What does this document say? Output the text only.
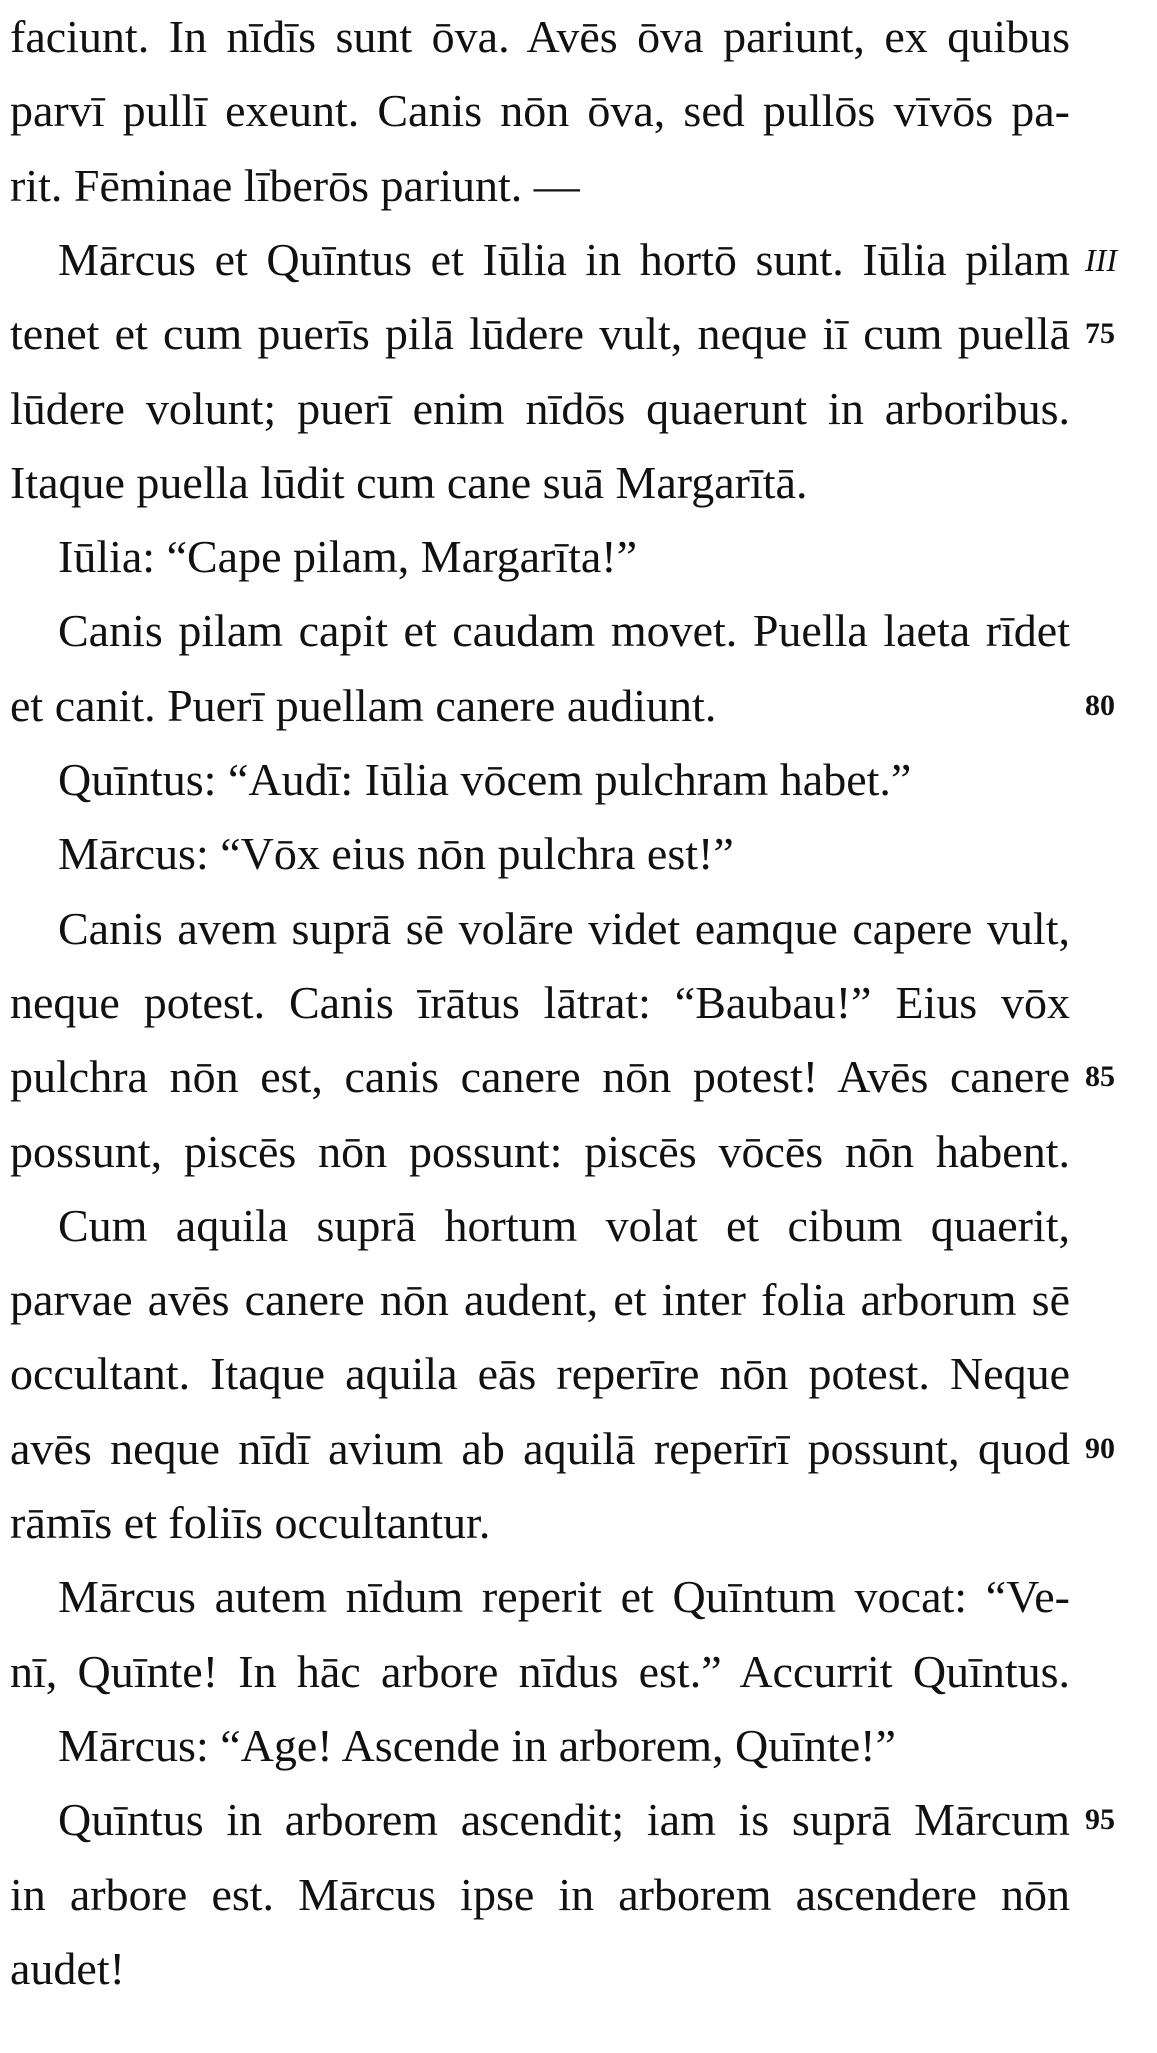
faciunt. In nīdīs sunt ōva. Avēs ōva pariunt, ex quibus
parvī pullī exeunt. Canis nōn ōva, sed pullōs vīvōs pa-
rit. Fēminae līberōs pariunt. —
Mārcus et Quīntus et Iūlia in hortō sunt. Iūlia pilam
tenet et cum puerīs pilā lūdere vult, neque iī cum puellā
lūdere volunt; puerī enim nīdōs quaerunt in arboribus.
Itaque puella lūdit cum cane suā Margarītā.
Iūlia: “Cape pilam, Margarīta!”
Canis pilam capit et caudam movet. Puella laeta rīdet
et canit. Puerī puellam canere audiunt.
Quīntus: “Audī: Iūlia vōcem pulchram habet.”
Mārcus: “Vōx eius nōn pulchra est!”
Canis avem suprā sē volāre videt eamque capere vult,
neque potest. Canis īrātus lātrat: “Baubau!” Eius vōx
pulchra nōn est, canis canere nōn potest! Avēs canere
possunt, piscēs nōn possunt: piscēs vōcēs nōn habent.
Cum aquila suprā hortum volat et cibum quaerit,
parvae avēs canere nōn audent, et inter folia arborum sē
occultant. Itaque aquila eās reperīre nōn potest. Neque
avēs neque nīdī avium ab aquilā reperīrī possunt, quod
rāmīs et foliīs occultantur.
Mārcus autem nīdum reperit et Quīntum vocat: “Ve-
nī, Quīnte! In hāc arbore nīdus est.” Accurrit Quīntus.
Mārcus: “Age! Ascende in arborem, Quīnte!”
Quīntus in arborem ascendit; iam is suprā Mārcum
in arbore est. Mārcus ipse in arborem ascendere nōn
audet!
III
75
80
85
90
95
